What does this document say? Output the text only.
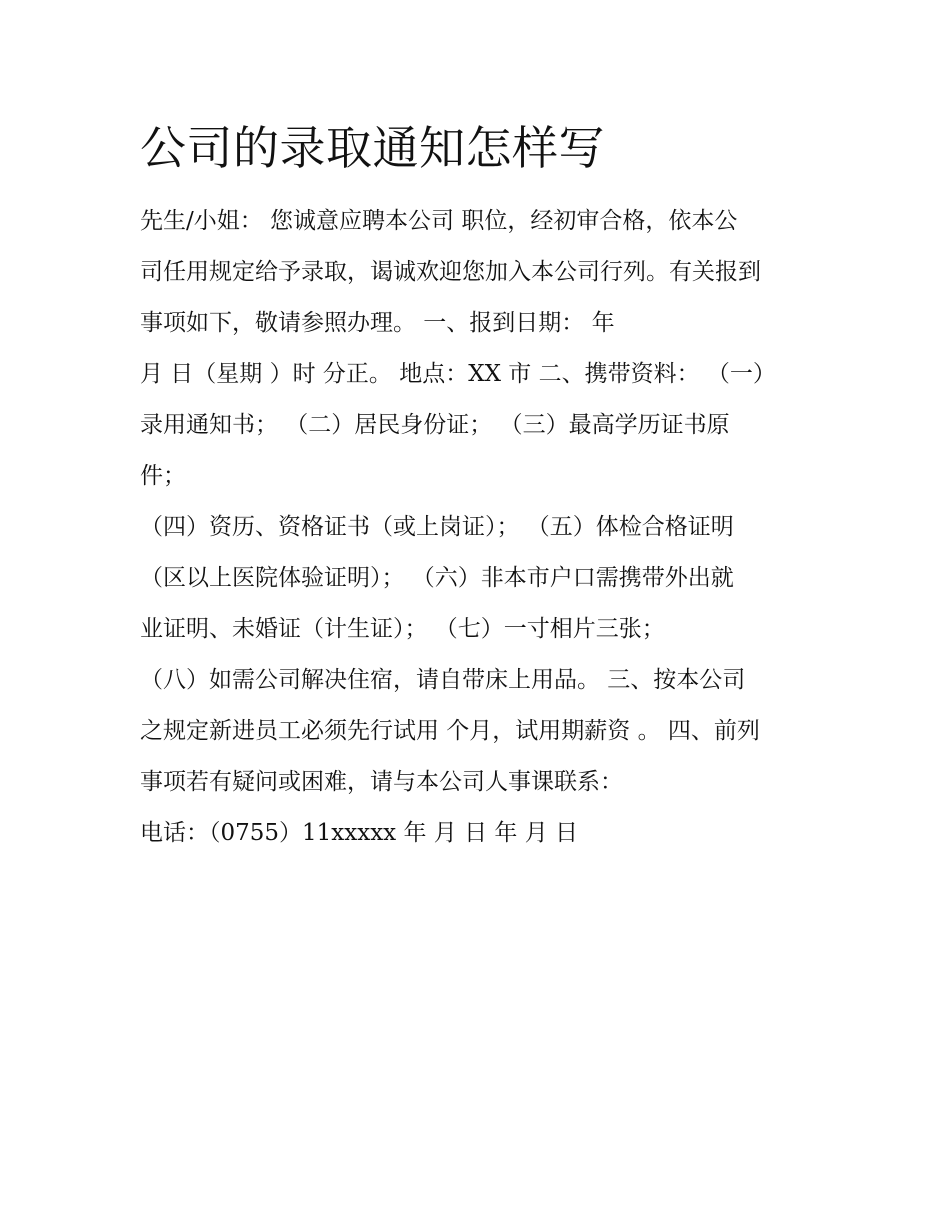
公司的录取通知怎样写
先生/小姐： 您诚意应聘本公司 职位，经初审合格，依本公
司任用规定给予录取，谒诚欢迎您加入本公司行列。有关报到
事项如下，敬请参照办理。 一、报到日期： 年
月 日（星期 ）时 分正。 地点：XX 市 二、携带资料： （一）
录用通知书； （二）居民身份证； （三）最高学历证书原
件；
（四）资历、资格证书（或上岗证）； （五）体检合格证明
（区以上医院体验证明）； （六）非本市户口需携带外出就
业证明、未婚证（计生证）； （七）一寸相片三张；
（八）如需公司解决住宿，请自带床上用品。 三、按本公司
之规定新进员工必须先行试用 个月，试用期薪资 。 四、前列
事项若有疑问或困难，请与本公司人事课联系：
电话：（0755）11xxxxx 年 月 日 年 月 日
